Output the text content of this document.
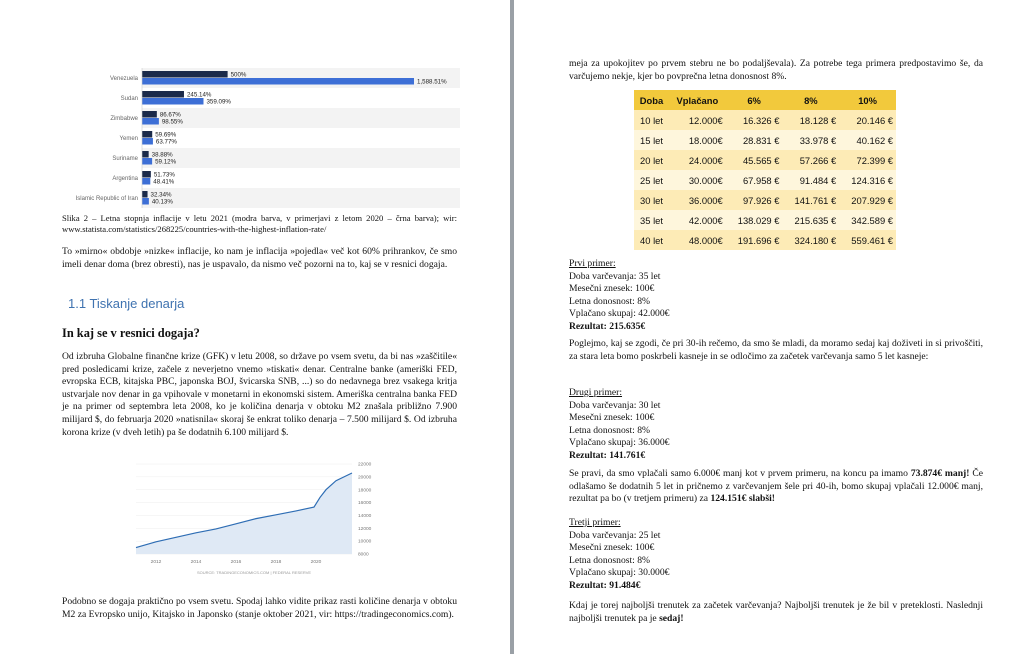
Venezuela
500%
1,588.51%
Sudan
245.14%
359.09%
Zimbabwe
86.67%
98.55%
Yemen
59.69%
63.77%
Suriname
38.88%
59.12%
Argentina
51.73%
48.41%
Islamic Republic of Iran
32.34%
40.13%
Slika 2 – Letna stopnja inflacije v letu 2021 (modra barva, v primerjavi z letom 2020 – črna barva); wir: www.statista.com/statistics/268225/countries-with-the-highest-inflation-rate/
To »mirno« obdobje »nizke« inflacije, ko nam je inflacija »pojedla« več kot 60% prihrankov, če smo imeli denar doma (brez obresti), nas je uspavalo, da nismo več pozorni na to, kaj se v resnici dogaja.
1.1 Tiskanje denarja
In kaj se v resnici dogaja?
Od izbruha Globalne finančne krize (GFK) v letu 2008, so države po vsem svetu, da bi nas »zaščitile« pred posledicami krize, začele z neverjetno vnemo »tiskati« denar. Centralne banke (ameriški FED, evropska ECB, kitajska PBC, japonska BOJ, švicarska SNB, ...) so do nedavnega brez vsakega kritja ustvarjale nov denar in ga vpihovale v monetarni in ekonomski sistem. Ameriška centralna banka FED je na primer od septembra leta 2008, ko je količina denarja v obtoku M2 znašala približno 7.900 milijard $, do februarja 2020 »natisnila« skoraj še enkrat toliko denarja – 7.500 milijard $. Od izbruha korona krize (v dveh letih) pa še dodatnih 6.100 milijard $.
22000
20000
18000
16000
14000
12000
10000
8000
2012	2014	2016	2018	2020
SOURCE: TRADINGECONOMICS.COM | FEDERAL RESERVE
Podobno se dogaja praktično po vsem svetu. Spodaj lahko vidite prikaz rasti količine denarja v obtoku M2 za Evropsko unijo, Kitajsko in Japonsko (stanje oktober 2021, vir: https://tradingeconomics.com).
meja za upokojitev po prvem stebru ne bo podaljševala). Za potrebe tega primera predpostavimo še, da varčujemo nekje, kjer bo povprečna letna donosnost 8%.
Doba	Vplačano	6%	8%	10%
10 let	12.000€	16.326 €	18.128 €	20.146 €
15 let	18.000€	28.831 €	33.978 €	40.162 €
20 let	24.000€	45.565 €	57.266 €	72.399 €
25 let	30.000€	67.958 €	91.484 €	124.316 €
30 let	36.000€	97.926 €	141.761 €	207.929 €
35 let	42.000€	138.029 €	215.635 €	342.589 €
40 let	48.000€	191.696 €	324.180 €	559.461 €
Prvi primer:
Doba varčevanja: 35 let
Mesečni znesek: 100€
Letna donosnost: 8%
Vplačano skupaj: 42.000€
Rezultat: 215.635€
Poglejmo, kaj se zgodi, če pri 30-ih rečemo, da smo še mladi, da moramo sedaj kaj doživeti in si privoščiti, za stara leta bomo poskrbeli kasneje in se odločimo za začetek varčevanja samo 5 let kasneje:
Drugi primer:
Doba varčevanja: 30 let
Mesečni znesek: 100€
Letna donosnost: 8%
Vplačano skupaj: 36.000€
Rezultat: 141.761€
Se pravi, da smo vplačali samo 6.000€ manj kot v prvem primeru, na koncu pa imamo 73.874€ manj! Če odlašamo še dodatnih 5 let in pričnemo z varčevanjem šele pri 40-ih, bomo skupaj vplačali 12.000€ manj, rezultat pa bo (v tretjem primeru) za 124.151€ slabši!
Tretji primer:
Doba varčevanja: 25 let
Mesečni znesek: 100€
Letna donosnost: 8%
Vplačano skupaj: 30.000€
Rezultat: 91.484€
Kdaj je torej najboljši trenutek za začetek varčevanja? Najboljši trenutek je že bil v preteklosti. Naslednji najboljši trenutek pa je sedaj!
